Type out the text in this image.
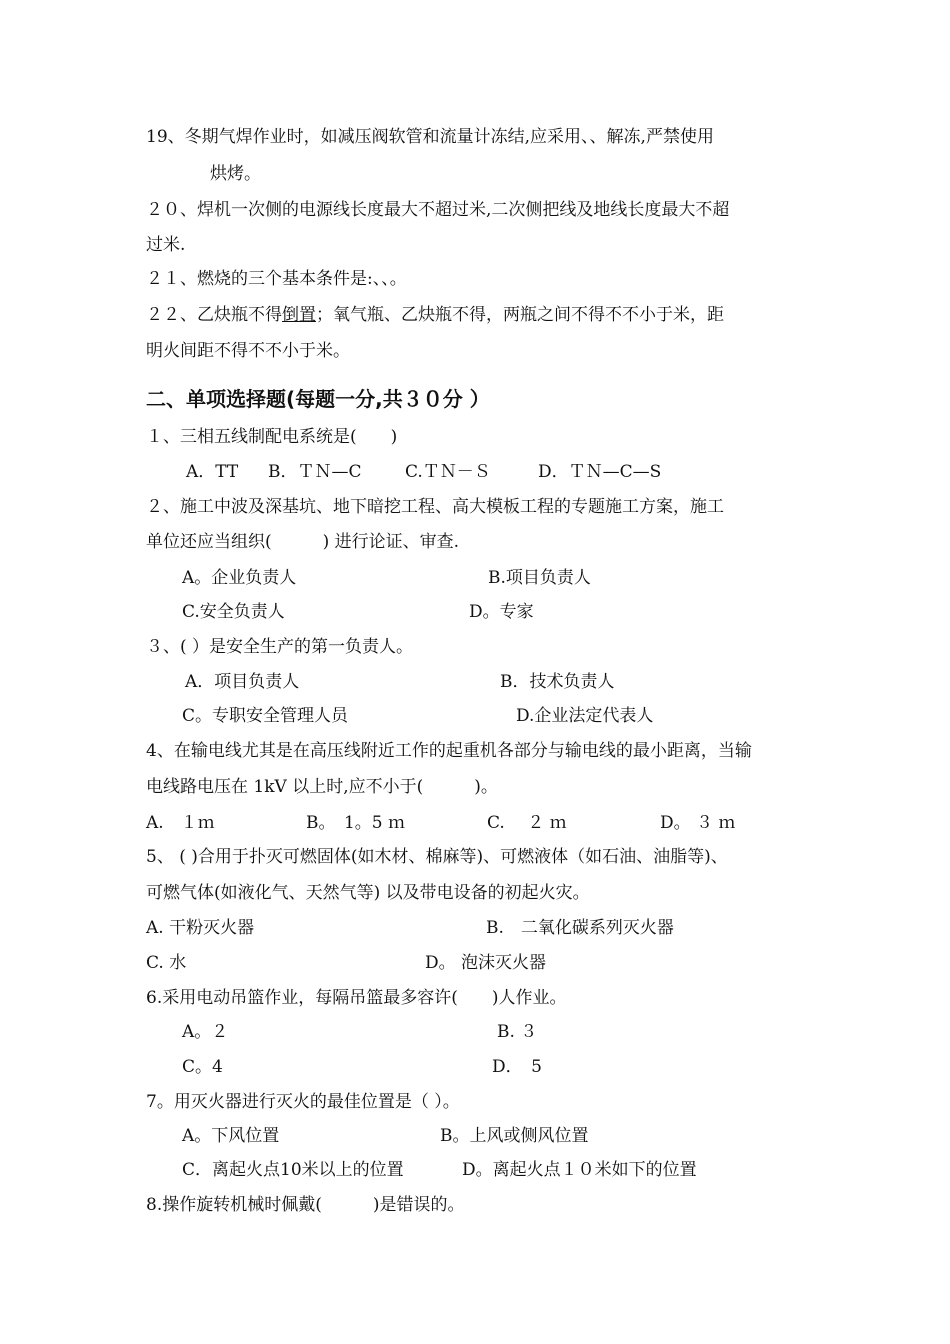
19、冬期气焊作业时，如减压阀软管和流量计冻结,应采用、、解冻,严禁使用
烘烤。
２０、焊机一次侧的电源线长度最大不超过米,二次侧把线及地线长度最大不超
过米.
２１、燃烧的三个基本条件是:、、。
２２、乙炔瓶不得倒置；氧气瓶、乙炔瓶不得，两瓶之间不得不不小于米，距
明火间距不得不不小于米。
二、单项选择题(每题一分,共３０分 ）
１、三相五线制配电系统是(　　)
A．TT B．ＴＮ—C	C.ＴＮ－Ｓ	D．ＴＮ—C—S
２、施工中波及深基坑、地下暗挖工程、高大模板工程的专题施工方案，施工
单位还应当组织(　　　) 进行论证、审查.
A。企业负责人	B.项目负责人
C.安全负责人	D。专家
３、( ）是安全生产的第一负责人。
A．项目负责人	B．技术负责人
C。专职安全管理人员	D.企业法定代表人
4、在输电线尤其是在高压线附近工作的起重机各部分与输电线的最小距离，当输
电线路电压在 1kV 以上时,应不小于(　　　)。
A.　１ｍ	B。　1。5 ｍ	C.　 ２ ｍ	D。 ３ ｍ
5、 ( )合用于扑灭可燃固体(如木材、棉麻等)、可燃液体（如石油、油脂等)、
可燃气体(如液化气、天然气等) 以及带电设备的初起火灾。
A. 干粉灭火器	B.　二氧化碳系列灭火器
C. 水	D。 泡沫灭火器
6.采用电动吊篮作业，每隔吊篮最多容许(　　)人作业。
A。２	B. ３
C。4	D．　5
7。用灭火器进行灭火的最佳位置是（ ）。
A。下风位置	B。上风或侧风位置
C．离起火点10米以上的位置	D。离起火点１０米如下的位置
8.操作旋转机械时佩戴(　　　)是错误的。
